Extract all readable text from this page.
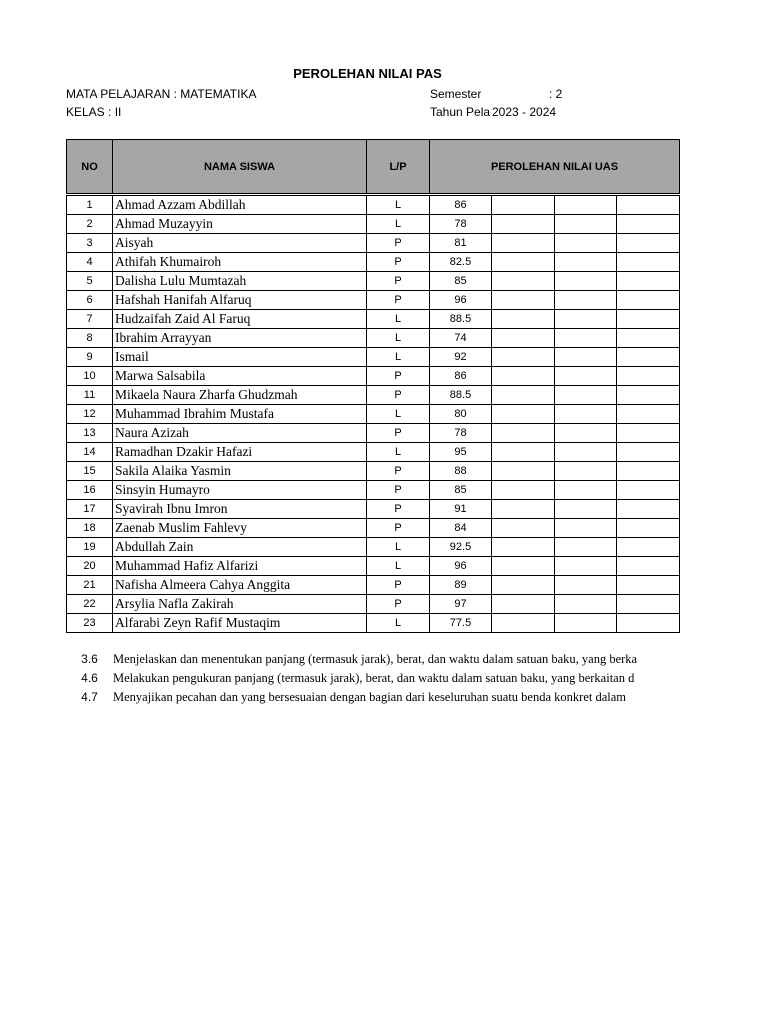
PEROLEHAN NILAI PAS
MATA PELAJARAN : MATEMATIKA
KELAS : II
Semester	: 2
Tahun Pela 2023 - 2024
NO	NAMA SISWA	L/P	PEROLEHAN NILAI UAS			

1	Ahmad Azzam Abdillah	L	86			
2	Ahmad Muzayyin	L	78			
3	Aisyah	P	81			
4	Athifah Khumairoh	P	82.5			
5	Dalisha Lulu Mumtazah	P	85			
6	Hafshah Hanifah Alfaruq	P	96			
7	Hudzaifah Zaid Al Faruq	L	88.5			
8	Ibrahim Arrayyan	L	74			
9	Ismail	L	92			
10	Marwa Salsabila	P	86			
11	Mikaela Naura Zharfa Ghudzmah	P	88.5			
12	Muhammad Ibrahim Mustafa	L	80			
13	Naura Azizah	P	78			
14	Ramadhan Dzakir Hafazi	L	95			
15	Sakila Alaika Yasmin	P	88			
16	Sinsyin Humayro	P	85			
17	Syavirah Ibnu Imron	P	91			
18	Zaenab Muslim Fahlevy	P	84			
19	Abdullah Zain	L	92.5			
20	Muhammad Hafiz Alfarizi	L	96			
21	Nafisha Almeera Cahya Anggita	P	89			
22	Arsylia Nafla Zakirah	P	97			
23	Alfarabi Zeyn Rafif Mustaqim	L	77.5			
3.6 Menjelaskan dan menentukan panjang (termasuk jarak), berat, dan waktu dalam satuan baku, yang berka
4.6 Melakukan pengukuran panjang (termasuk jarak), berat, dan waktu dalam satuan baku, yang berkaitan d
4.7 Menyajikan pecahan dan yang bersesuaian dengan bagian dari keseluruhan suatu benda konkret dalam
